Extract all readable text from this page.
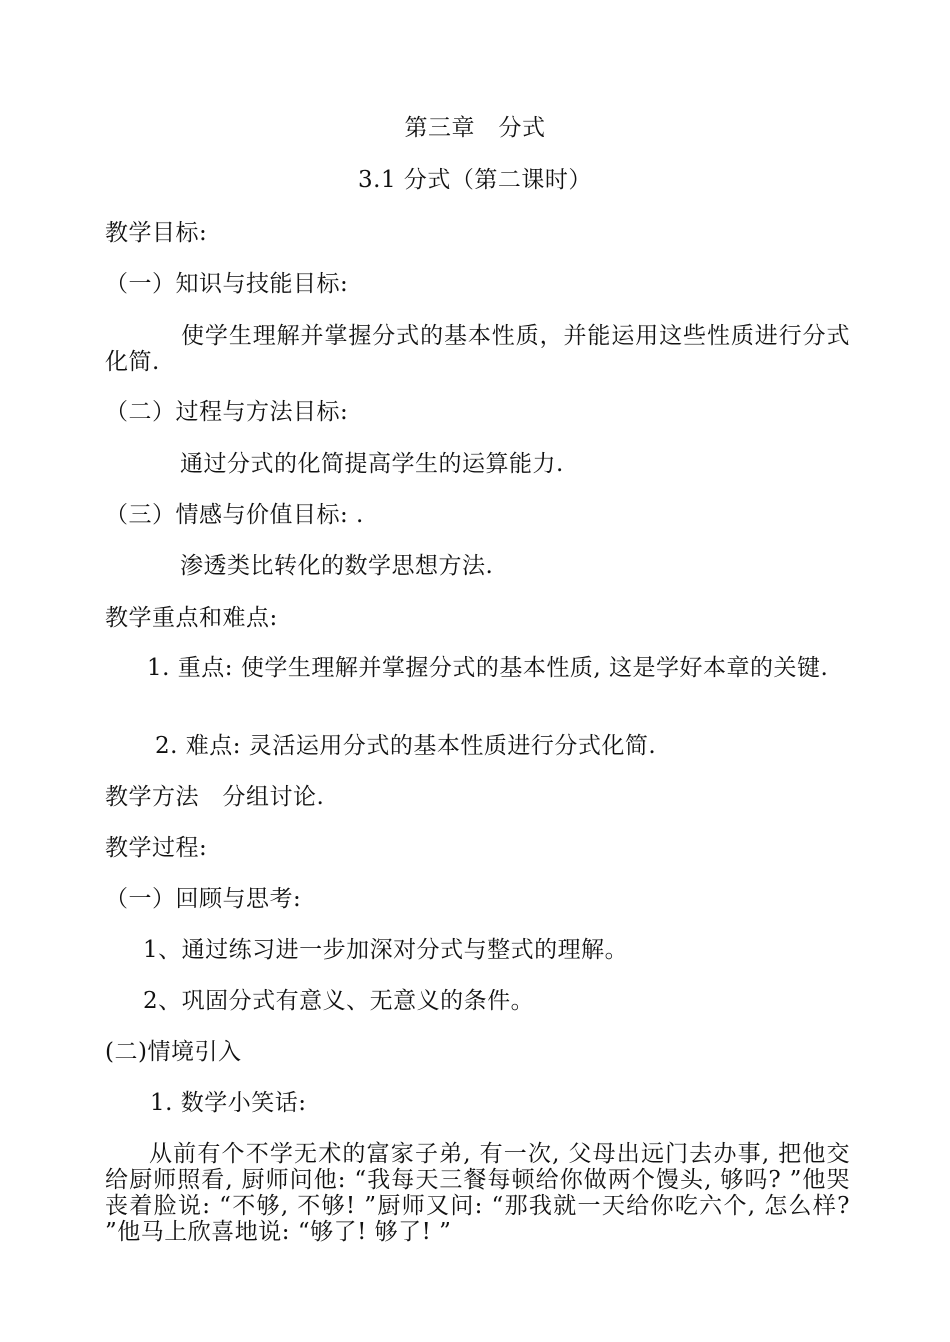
第三章　分式
3.1 分式（第二课时）
教学目标:
（一）知识与技能目标:
使学生理解并掌握分式的基本性质，并能运用这些性质进行分式化简.
（二）过程与方法目标:
通过分式的化简提高学生的运算能力.
（三）情感与价值目标: .
渗透类比转化的数学思想方法.
教学重点和难点:
1. 重点: 使学生理解并掌握分式的基本性质, 这是学好本章的关键.
2. 难点: 灵活运用分式的基本性质进行分式化简.
教学方法　分组讨论.
教学过程:
（一）回顾与思考:
1、通过练习进一步加深对分式与整式的理解。
2、巩固分式有意义、无意义的条件。
(二)情境引入
1. 数学小笑话:
从前有个不学无术的富家子弟, 有一次, 父母出远门去办事, 把他交给厨师照看, 厨师问他: “我每天三餐每顿给你做两个馒头, 够吗? ”他哭丧着脸说: “不够, 不够! ”厨师又问: “那我就一天给你吃六个, 怎么样? ”他马上欣喜地说: “够了! 够了! ”
